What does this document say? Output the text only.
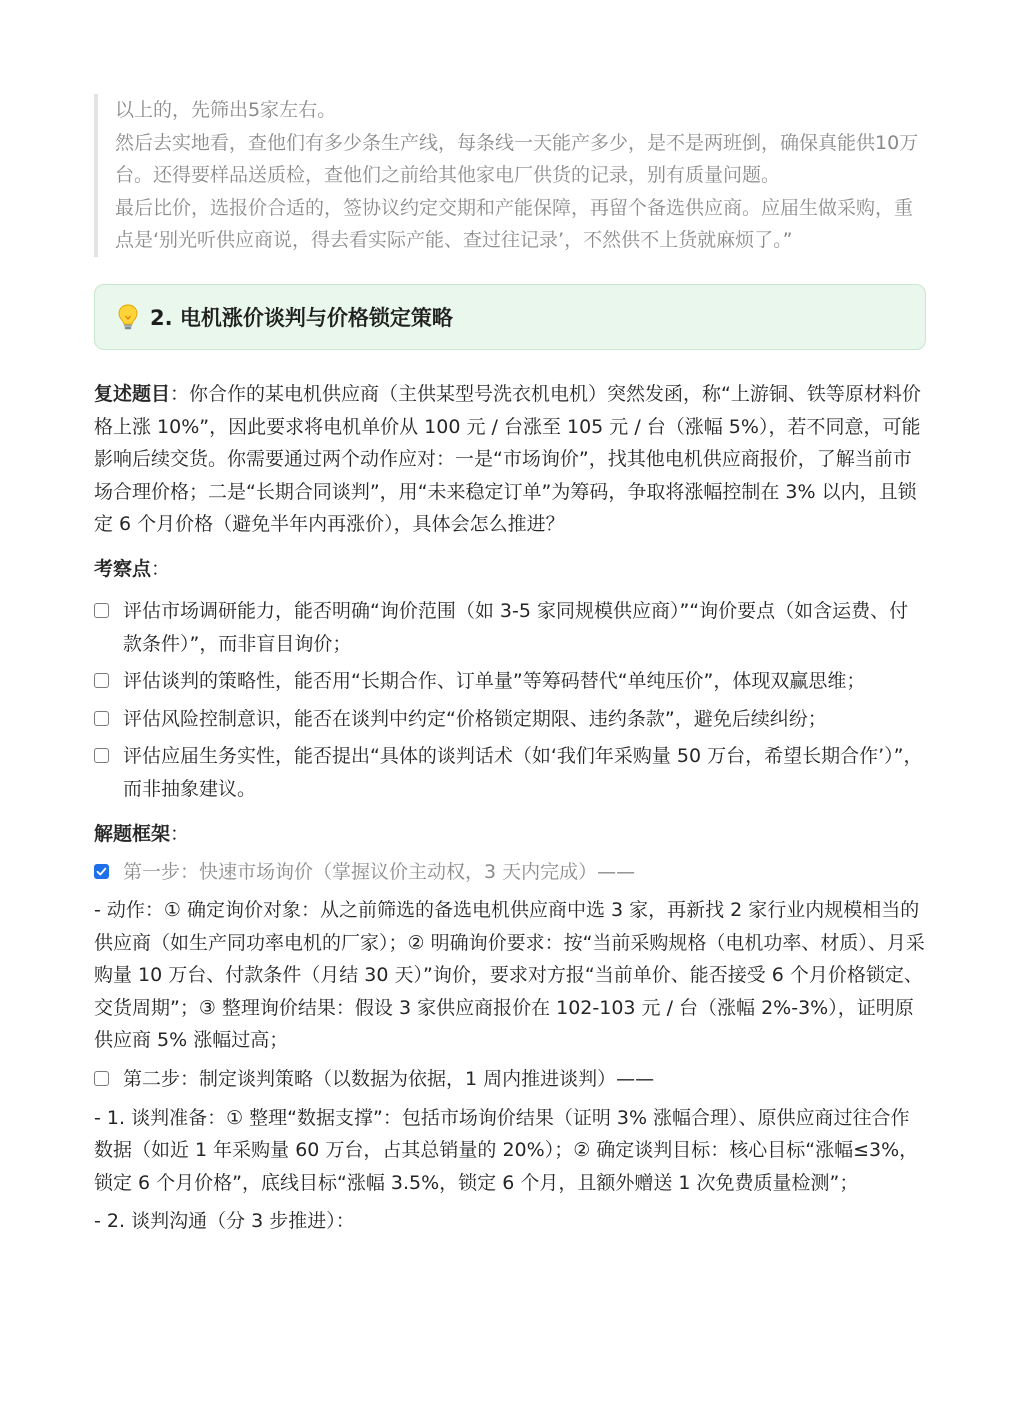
以上的，先筛出5家左右。

然后去实地看，查他们有多少条生产线，每条线一天能产多少，是不是两班倒，确保真能供10万台。还得要样品送质检，查他们之前给其他家电厂供货的记录，别有质量问题。

最后比价，选报价合适的，签协议约定交期和产能保障，再留个备选供应商。应届生做采购，重点是‘别光听供应商说，得去看实际产能、查过往记录’，不然供不上货就麻烦了。”

2. 电机涨价谈判与价格锁定策略

复述题目：你合作的某电机供应商（主供某型号洗衣机电机）突然发函，称“上游铜、铁等原材料价格上涨 10%”，因此要求将电机单价从 100 元 / 台涨至 105 元 / 台（涨幅 5%），若不同意，可能影响后续交货。你需要通过两个动作应对：一是“市场询价”，找其他电机供应商报价，了解当前市场合理价格；二是“长期合同谈判”，用“未来稳定订单”为筹码，争取将涨幅控制在 3% 以内，且锁定 6 个月价格（避免半年内再涨价），具体会怎么推进？

考察点：

评估市场调研能力，能否明确“询价范围（如 3-5 家同规模供应商）”“询价要点（如含运费、付款条件）”，而非盲目询价；
评估谈判的策略性，能否用“长期合作、订单量”等筹码替代“单纯压价”，体现双赢思维；
评估风险控制意识，能否在谈判中约定“价格锁定期限、违约条款”，避免后续纠纷；
评估应届生务实性，能否提出“具体的谈判话术（如‘我们年采购量 50 万台，希望长期合作’）”，而非抽象建议。

解题框架：

第一步：快速市场询价（掌握议价主动权，3 天内完成）——

- 动作：① 确定询价对象：从之前筛选的备选电机供应商中选 3 家，再新找 2 家行业内规模相当的供应商（如生产同功率电机的厂家）；② 明确询价要求：按“当前采购规格（电机功率、材质）、月采购量 10 万台、付款条件（月结 30 天）”询价，要求对方报“当前单价、能否接受 6 个月价格锁定、交货周期”；③ 整理询价结果：假设 3 家供应商报价在 102-103 元 / 台（涨幅 2%-3%），证明原供应商 5% 涨幅过高；

第二步：制定谈判策略（以数据为依据，1 周内推进谈判）——

- 1. 谈判准备：① 整理“数据支撑”：包括市场询价结果（证明 3% 涨幅合理）、原供应商过往合作数据（如近 1 年采购量 60 万台，占其总销量的 20%）；② 确定谈判目标：核心目标“涨幅≤3%，锁定 6 个月价格”，底线目标“涨幅 3.5%，锁定 6 个月，且额外赠送 1 次免费质量检测”；

- 2. 谈判沟通（分 3 步推进）：
